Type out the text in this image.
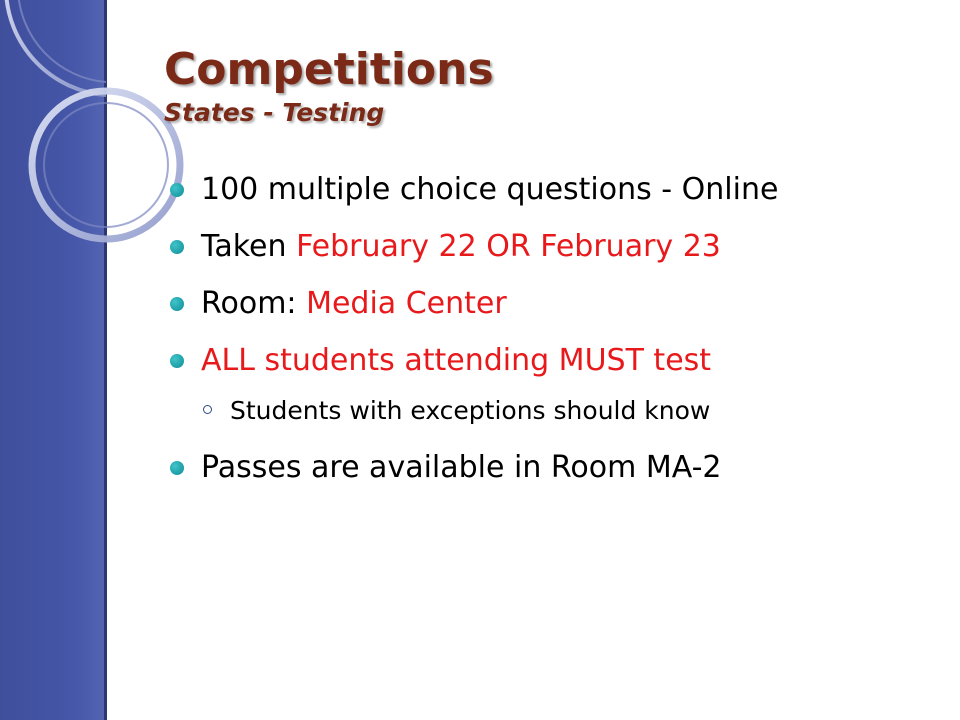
Competitions

States - Testing

100 multiple choice questions - Online
Taken February 22 OR February 23
Room: Media Center
ALL students attending MUST test
Students with exceptions should know
Passes are available in Room MA-2
